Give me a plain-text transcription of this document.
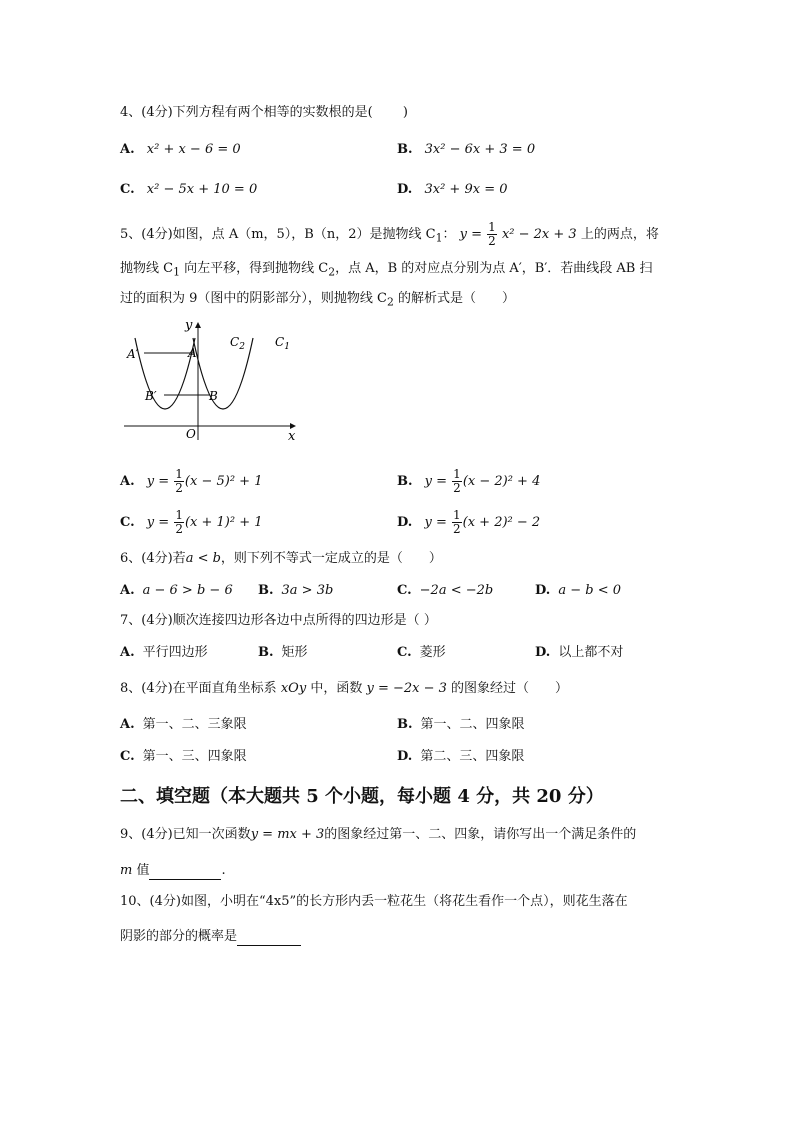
4、(4分)下列方程有两个相等的实数根的是(　　 )
A. x² + x − 6 = 0	B. 3x² − 6x + 3 = 0
C. x² − 5x + 10 = 0	D. 3x² + 9x = 0
5、(4分)如图，点 A（m，5），B（n，2）是抛物线 $C_1$： $y = \frac{1}{2} x^2 - 2x + 3$ 上的两点，将
抛物线 $C_1$ 向左平移，得到抛物线 $C_2$，点 A，B 的对应点分别为点 A′，B′．若曲线段 AB 扫
过的面积为 9（图中的阴影部分），则抛物线 $C_2$ 的解析式是（　　）
y
x
O
A
A′
B
B′
$C_2$	$C_1$
A. $y = \frac{1}{2} (x - 5)^2 + 1$	B. $y = \frac{1}{2} (x - 2)^2 + 4$
C. $y = \frac{1}{2} (x + 1)^2 + 1$	D. $y = \frac{1}{2} (x + 2)^2 - 2$
6、(4分)若a < b，则下列不等式一定成立的是（　　）
A. a − 6 > b − 6 B. 3a > 3b	C. −2a < −2b	D. a − b < 0
7、(4分)顺次连接四边形各边中点所得的四边形是（ ）
A. 平行四边形	B. 矩形	C. 菱形	D. 以上都不对
8、(4分)在平面直角坐标系 xOy 中，函数 y = −2x − 3 的图象经过（　　）
A. 第一、二、三象限	B. 第一、二、四象限
C. 第一、三、四象限	D. 第二、三、四象限
二、填空题（本大题共 5 个小题，每小题 4 分，共 20 分）
9、(4分)已知一次函数y = mx + 3的图象经过第一、二、四象，请你写出一个满足条件的
m 值	.
10、(4分)如图，小明在“4x5”的长方形内丢一粒花生（将花生看作一个点），则花生落在
阴影的部分的概率是
